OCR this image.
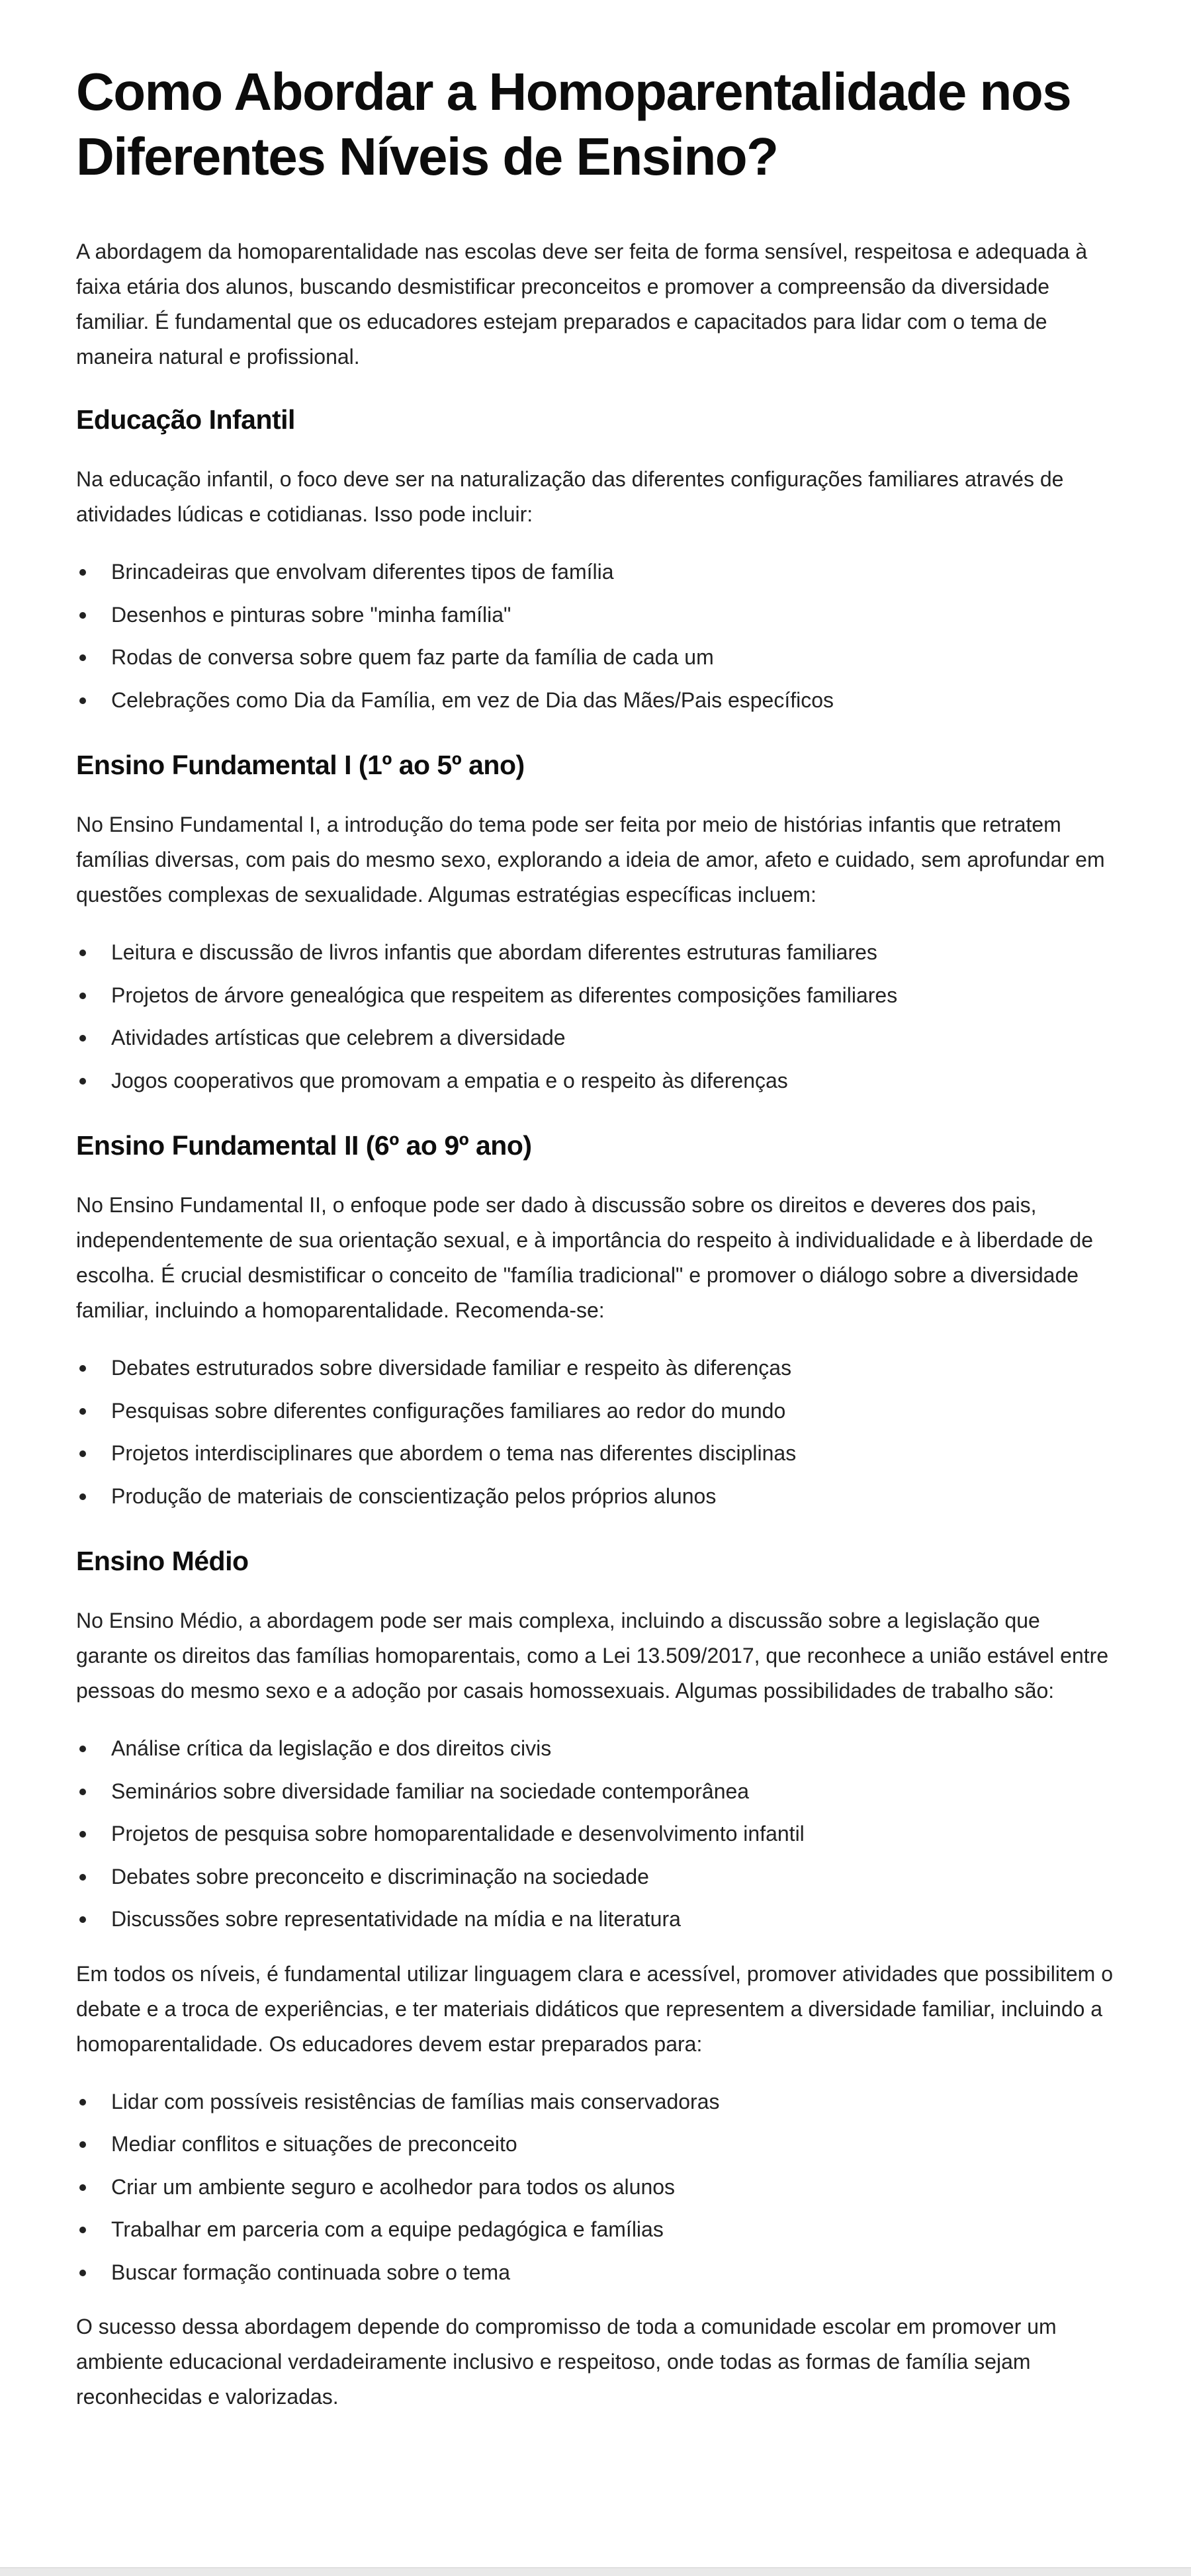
Como Abordar a Homoparentalidade nos Diferentes Níveis de Ensino?

A abordagem da homoparentalidade nas escolas deve ser feita de forma sensível, respeitosa e adequada à faixa etária dos alunos, buscando desmistificar preconceitos e promover a compreensão da diversidade familiar. É fundamental que os educadores estejam preparados e capacitados para lidar com o tema de maneira natural e profissional.

Educação Infantil

Na educação infantil, o foco deve ser na naturalização das diferentes configurações familiares através de atividades lúdicas e cotidianas. Isso pode incluir:

Brincadeiras que envolvam diferentes tipos de família
Desenhos e pinturas sobre "minha família"
Rodas de conversa sobre quem faz parte da família de cada um
Celebrações como Dia da Família, em vez de Dia das Mães/Pais específicos
Ensino Fundamental I (1º ao 5º ano)

No Ensino Fundamental I, a introdução do tema pode ser feita por meio de histórias infantis que retratem famílias diversas, com pais do mesmo sexo, explorando a ideia de amor, afeto e cuidado, sem aprofundar em questões complexas de sexualidade. Algumas estratégias específicas incluem:

Leitura e discussão de livros infantis que abordam diferentes estruturas familiares
Projetos de árvore genealógica que respeitem as diferentes composições familiares
Atividades artísticas que celebrem a diversidade
Jogos cooperativos que promovam a empatia e o respeito às diferenças
Ensino Fundamental II (6º ao 9º ano)

No Ensino Fundamental II, o enfoque pode ser dado à discussão sobre os direitos e deveres dos pais, independentemente de sua orientação sexual, e à importância do respeito à individualidade e à liberdade de escolha. É crucial desmistificar o conceito de "família tradicional" e promover o diálogo sobre a diversidade familiar, incluindo a homoparentalidade. Recomenda-se:

Debates estruturados sobre diversidade familiar e respeito às diferenças
Pesquisas sobre diferentes configurações familiares ao redor do mundo
Projetos interdisciplinares que abordem o tema nas diferentes disciplinas
Produção de materiais de conscientização pelos próprios alunos
Ensino Médio

No Ensino Médio, a abordagem pode ser mais complexa, incluindo a discussão sobre a legislação que garante os direitos das famílias homoparentais, como a Lei 13.509/2017, que reconhece a união estável entre pessoas do mesmo sexo e a adoção por casais homossexuais. Algumas possibilidades de trabalho são:

Análise crítica da legislação e dos direitos civis
Seminários sobre diversidade familiar na sociedade contemporânea
Projetos de pesquisa sobre homoparentalidade e desenvolvimento infantil
Debates sobre preconceito e discriminação na sociedade
Discussões sobre representatividade na mídia e na literatura

Em todos os níveis, é fundamental utilizar linguagem clara e acessível, promover atividades que possibilitem o debate e a troca de experiências, e ter materiais didáticos que representem a diversidade familiar, incluindo a homoparentalidade. Os educadores devem estar preparados para:

Lidar com possíveis resistências de famílias mais conservadoras
Mediar conflitos e situações de preconceito
Criar um ambiente seguro e acolhedor para todos os alunos
Trabalhar em parceria com a equipe pedagógica e famílias
Buscar formação continuada sobre o tema

O sucesso dessa abordagem depende do compromisso de toda a comunidade escolar em promover um ambiente educacional verdadeiramente inclusivo e respeitoso, onde todas as formas de família sejam reconhecidas e valorizadas.
